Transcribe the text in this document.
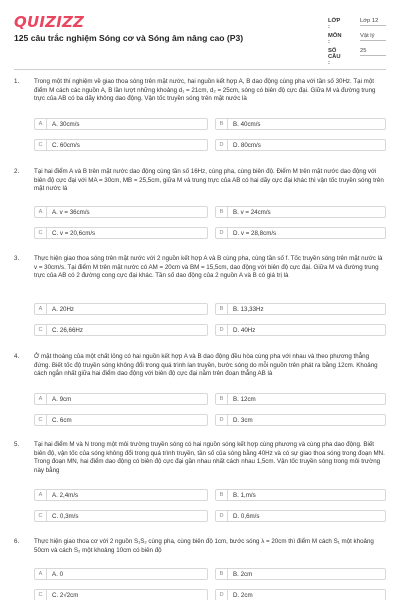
QUIZIZZ
125 câu trắc nghiệm Sóng cơ và Sóng âm nâng cao (P3)
LỚP :
Lớp 12
MÔN :
Vật lý
SỐ CÂU :
25
1. Trong một thí nghiệm về giao thoa sóng trên mặt nước, hai nguồn kết hợp A, B dao động cùng pha với tần số 30Hz. Tại một điểm M cách các nguồn A, B lần lượt những khoảng d₁ = 21cm, d₂ = 25cm, sóng có biên độ cực đại. Giữa M và đường trung trực của AB có ba dãy không dao động. Vận tốc truyền sóng trên mặt nước là
A	A. 30cm/s	B	B. 40cm/s
C	C. 60cm/s	D	D. 80cm/s
2. Tại hai điểm A và B trên mặt nước dao động cùng tần số 16Hz, cùng pha, cùng biên độ. Điểm M trên mặt nước dao động với biên độ cực đại với MA = 30cm, MB = 25,5cm, giữa M và trung trực của AB có hai dãy cực đại khác thì vận tốc truyền sóng trên mặt nước là
A	A. v = 36cm/s	B	B. v = 24cm/s
C	C. v = 20,6cm/s	D	D. v = 28,8cm/s
3. Thực hiện giao thoa sóng trên mặt nước với 2 nguồn kết hợp A và B cùng pha, cùng tần số f. Tốc truyền sóng trên mặt nước là v = 30cm/s. Tại điểm M trên mặt nước có AM = 20cm và BM = 15,5cm, dao động với biên độ cực đại. Giữa M và đường trung trực của AB có 2 đường cong cực đại khác. Tần số dao động của 2 nguồn A và B có giá trị là
A	A. 20Hz	B	B. 13,33Hz
C	C. 26,66Hz	D	D. 40Hz
4. Ở mặt thoáng của một chất lỏng có hai nguồn kết hợp A và B dao động đều hòa cùng pha với nhau và theo phương thẳng đứng. Biết tốc độ truyền sóng không đổi trong quá trình lan truyền, bước sóng do mỗi nguồn trên phát ra bằng 12cm. Khoảng cách ngắn nhất giữa hai điểm dao động với biên độ cực đại nằm trên đoạn thẳng AB là
A	A. 9cm	B	B. 12cm
C	C. 6cm	D	D. 3cm
5. Tại hai điểm M và N trong một môi trường truyền sóng có hai nguồn sóng kết hợp cùng phương và cùng pha dao động. Biết biên độ, vận tốc của sóng không đổi trong quá trình truyền, tần số của sóng bằng 40Hz và có sự giao thoa sóng trong đoạn MN. Trong đoạn MN, hai điểm dao động có biên độ cực đại gần nhau nhất cách nhau 1,5cm. Vận tốc truyền sóng trong môi trường này bằng
A	A. 2,4m/s	B	B. 1,m/s
C	C. 0,3m/s	D	D. 0,6m/s
6. Thực hiện giao thoa cơ với 2 nguồn S₁S₂ cùng pha, cùng biên độ 1cm, bước sóng λ = 20cm thì điểm M cách S₁ một khoảng 50cm và cách S₂ một khoảng 10cm có biên độ
A	A. 0	B	B. 2cm
C	C. 2√2cm	D	D. 2cm
